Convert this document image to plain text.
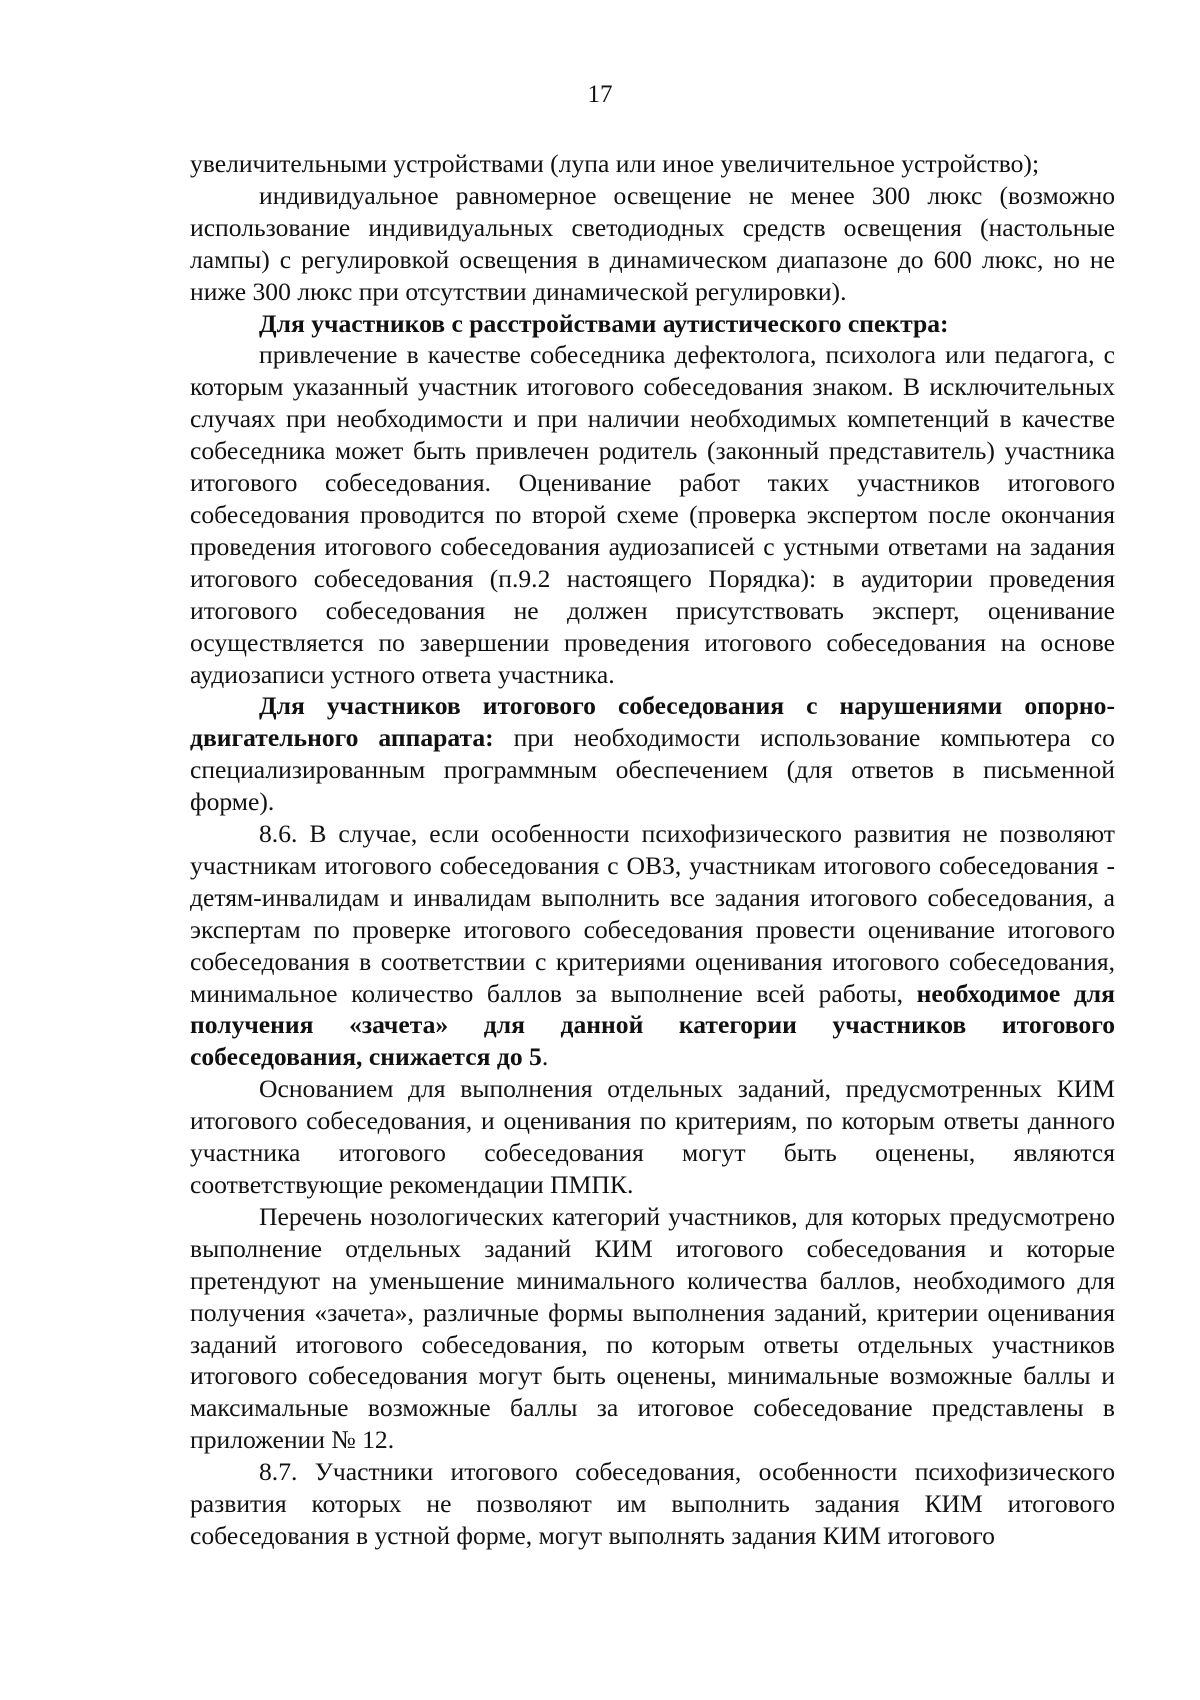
17

увеличительными устройствами (лупа или иное увеличительное устройство);

индивидуальное равномерное освещение не менее 300 люкс (возможно использование индивидуальных светодиодных средств освещения (настольные лампы) с регулировкой освещения в динамическом диапазоне до 600 люкс, но не ниже 300 люкс при отсутствии динамической регулировки).

Для участников с расстройствами аутистического спектра:

привлечение в качестве собеседника дефектолога, психолога или педагога, с которым указанный участник итогового собеседования знаком. В исключительных случаях при необходимости и при наличии необходимых компетенций в качестве собеседника может быть привлечен родитель (законный представитель) участника итогового собеседования. Оценивание работ таких участников итогового собеседования проводится по второй схеме (проверка экспертом после окончания проведения итогового собеседования аудиозаписей с устными ответами на задания итогового собеседования (п.9.2 настоящего Порядка): в аудитории проведения итогового собеседования не должен присутствовать эксперт, оценивание осуществляется по завершении проведения итогового собеседования на основе аудиозаписи устного ответа участника.

Для участников итогового собеседования с нарушениями опорно-двигательного аппарата: при необходимости использование компьютера со специализированным программным обеспечением (для ответов в письменной форме).

8.6. В случае, если особенности психофизического развития не позволяют участникам итогового собеседования с ОВЗ, участникам итогового собеседования - детям-инвалидам и инвалидам выполнить все задания итогового собеседования, а экспертам по проверке итогового собеседования провести оценивание итогового собеседования в соответствии с критериями оценивания итогового собеседования, минимальное количество баллов за выполнение всей работы, необходимое для получения «зачета» для данной категории участников итогового собеседования, снижается до 5.

Основанием для выполнения отдельных заданий, предусмотренных КИМ итогового собеседования, и оценивания по критериям, по которым ответы данного участника итогового собеседования могут быть оценены, являются соответствующие рекомендации ПМПК.

Перечень нозологических категорий участников, для которых предусмотрено выполнение отдельных заданий КИМ итогового собеседования и которые претендуют на уменьшение минимального количества баллов, необходимого для получения «зачета», различные формы выполнения заданий, критерии оценивания заданий итогового собеседования, по которым ответы отдельных участников итогового собеседования могут быть оценены, минимальные возможные баллы и максимальные возможные баллы за итоговое собеседование представлены в приложении № 12.

8.7. Участники итогового собеседования, особенности психофизического развития которых не позволяют им выполнить задания КИМ итогового собеседования в устной форме, могут выполнять задания КИМ итогового
